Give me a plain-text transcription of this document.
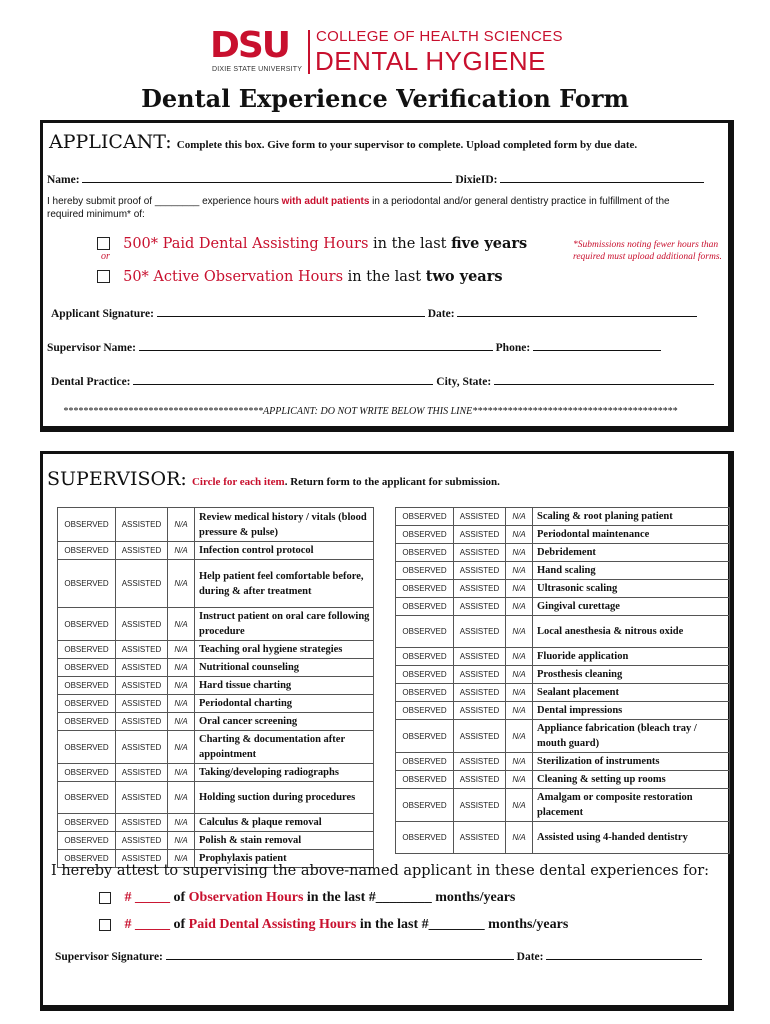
DSU
DIXIE STATE UNIVERSITY
COLLEGE OF HEALTH SCIENCES
DENTAL HYGIENE
Dental Experience Verification Form
APPLICANT: Complete this box. Give form to your supervisor to complete. Upload completed form by due date.
Name:	DixieID:
I hereby submit proof of ________ experience hours with adult patients in a periodontal and/or general dentistry practice in fulfillment of the required minimum* of:
500* Paid Dental Assisting Hours in the last five years
or
50* Active Observation Hours in the last two years
*Submissions noting fewer hours than required must upload additional forms.
Applicant Signature:	Date:
Supervisor Name:	Phone:
Dental Practice:	City, State:
****************************************APPLICANT: DO NOT WRITE BELOW THIS LINE*****************************************
SUPERVISOR: Circle for each item. Return form to the applicant for submission.
OBSERVED	ASSISTED	N/A	Review medical history / vitals (blood pressure & pulse)
OBSERVED	ASSISTED	N/A	Infection control protocol
OBSERVED	ASSISTED	N/A	Help patient feel comfortable before, during & after treatment
OBSERVED	ASSISTED	N/A	Instruct patient on oral care following procedure
OBSERVED	ASSISTED	N/A	Teaching oral hygiene strategies
OBSERVED	ASSISTED	N/A	Nutritional counseling
OBSERVED	ASSISTED	N/A	Hard tissue charting
OBSERVED	ASSISTED	N/A	Periodontal charting
OBSERVED	ASSISTED	N/A	Oral cancer screening
OBSERVED	ASSISTED	N/A	Charting & documentation after appointment
OBSERVED	ASSISTED	N/A	Taking/developing radiographs
OBSERVED	ASSISTED	N/A	Holding suction during procedures
OBSERVED	ASSISTED	N/A	Calculus & plaque removal
OBSERVED	ASSISTED	N/A	Polish & stain removal
OBSERVED	ASSISTED	N/A	Prophylaxis patient
OBSERVED	ASSISTED	N/A	Scaling & root planing patient
OBSERVED	ASSISTED	N/A	Periodontal maintenance
OBSERVED	ASSISTED	N/A	Debridement
OBSERVED	ASSISTED	N/A	Hand scaling
OBSERVED	ASSISTED	N/A	Ultrasonic scaling
OBSERVED	ASSISTED	N/A	Gingival curettage
OBSERVED	ASSISTED	N/A	Local anesthesia & nitrous oxide
OBSERVED	ASSISTED	N/A	Fluoride application
OBSERVED	ASSISTED	N/A	Prosthesis cleaning
OBSERVED	ASSISTED	N/A	Sealant placement
OBSERVED	ASSISTED	N/A	Dental impressions
OBSERVED	ASSISTED	N/A	Appliance fabrication (bleach tray / mouth guard)
OBSERVED	ASSISTED	N/A	Sterilization of instruments
OBSERVED	ASSISTED	N/A	Cleaning & setting up rooms
OBSERVED	ASSISTED	N/A	Amalgam or composite restoration placement
OBSERVED	ASSISTED	N/A	Assisted using 4-handed dentistry
I hereby attest to supervising the above-named applicant in these dental experiences for:
# _____ of Observation Hours in the last #________ months/years
# _____ of Paid Dental Assisting Hours in the last #________ months/years
Supervisor Signature:	Date:
